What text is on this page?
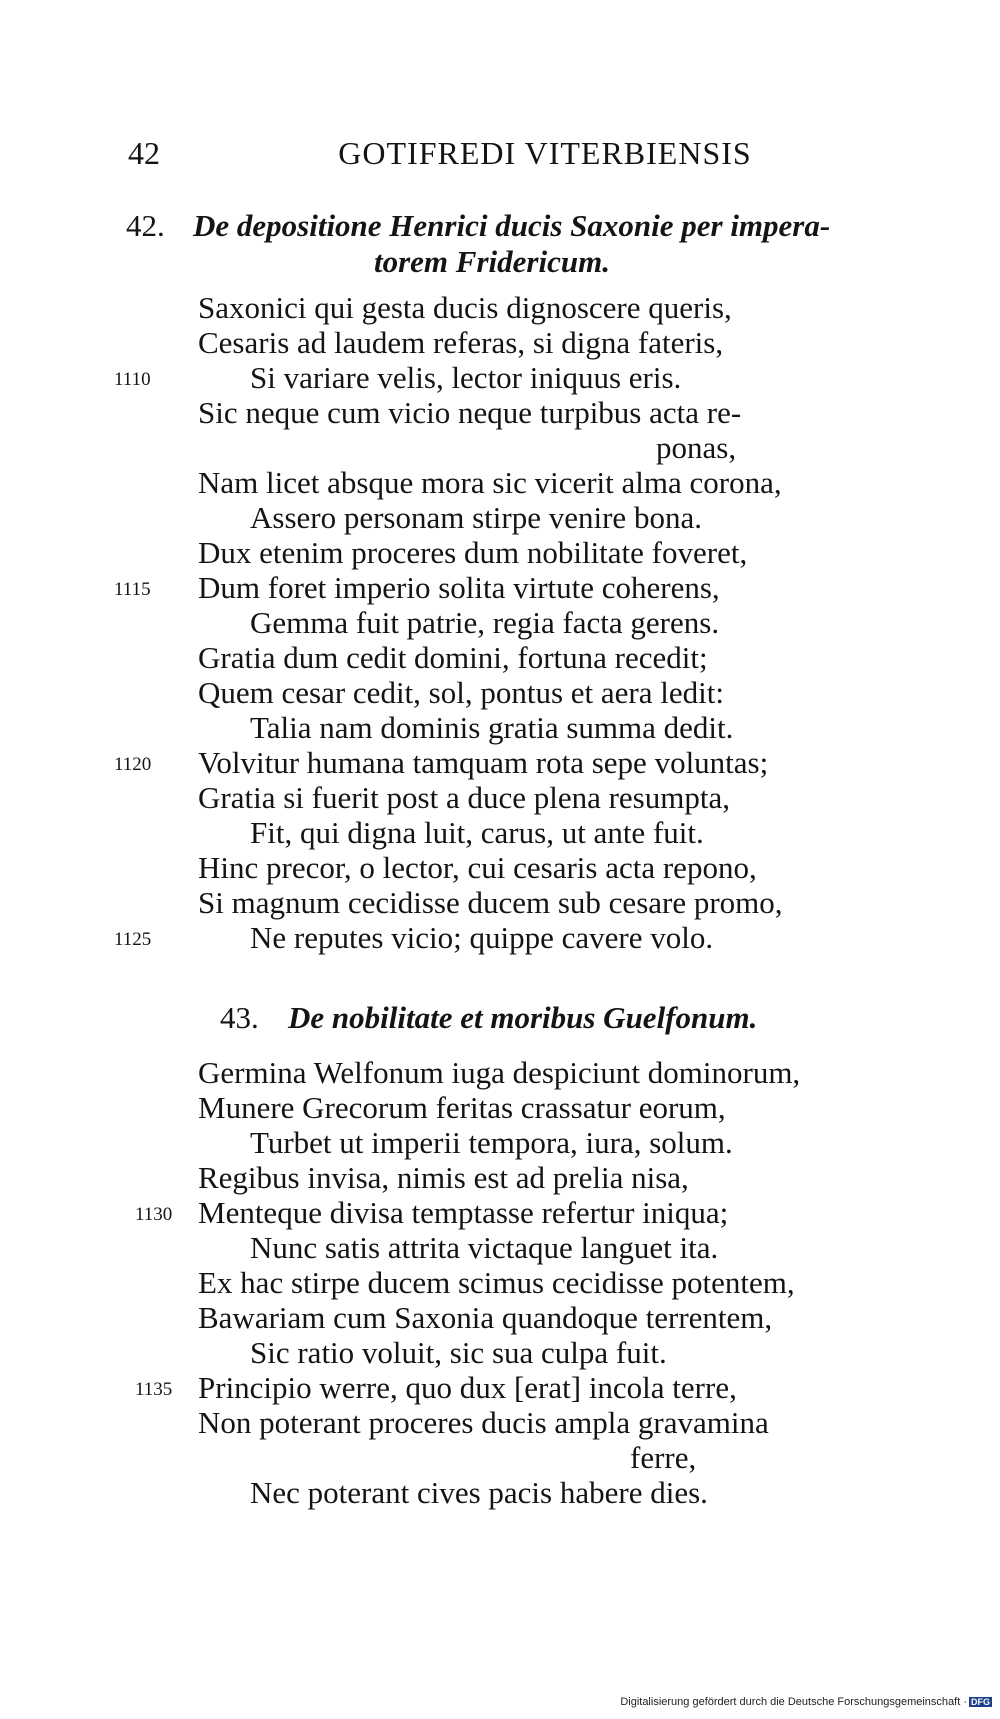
42	GOTIFREDI VITERBIENSIS
42. De depositione Henrici ducis Saxonie per impera-
torem Fridericum.
Saxonici qui gesta ducis dignoscere queris,
Cesaris ad laudem referas, si digna fateris,
1110	Si variare velis, lector iniquus eris.
Sic neque cum vicio neque turpibus acta re-
ponas,
Nam licet absque mora sic vicerit alma corona,
Assero personam stirpe venire bona.
Dux etenim proceres dum nobilitate foveret,
1115 Dum foret imperio solita virtute coherens,
Gemma fuit patrie, regia facta gerens.
Gratia dum cedit domini, fortuna recedit;
Quem cesar cedit, sol, pontus et aera ledit:
Talia nam dominis gratia summa dedit.
1120 Volvitur humana tamquam rota sepe voluntas;
Gratia si fuerit post a duce plena resumpta,
Fit, qui digna luit, carus, ut ante fuit.
Hinc precor, o lector, cui cesaris acta repono,
Si magnum cecidisse ducem sub cesare promo,
1125	Ne reputes vicio; quippe cavere volo.
43. De nobilitate et moribus Guelfonum.
Germina Welfonum iuga despiciunt dominorum,
Munere Grecorum feritas crassatur eorum,
Turbet ut imperii tempora, iura, solum.
Regibus invisa, nimis est ad prelia nisa,
1130 Menteque divisa temptasse refertur iniqua;
Nunc satis attrita victaque languet ita.
Ex hac stirpe ducem scimus cecidisse potentem,
Bawariam cum Saxonia quandoque terrentem,
Sic ratio voluit, sic sua culpa fuit.
1135 Principio werre, quo dux [erat] incola terre,
Non poterant proceres ducis ampla gravamina
ferre,
Nec poterant cives pacis habere dies.
Digitalisierung gefördert durch die Deutsche Forschungsgemeinschaft · DFG
